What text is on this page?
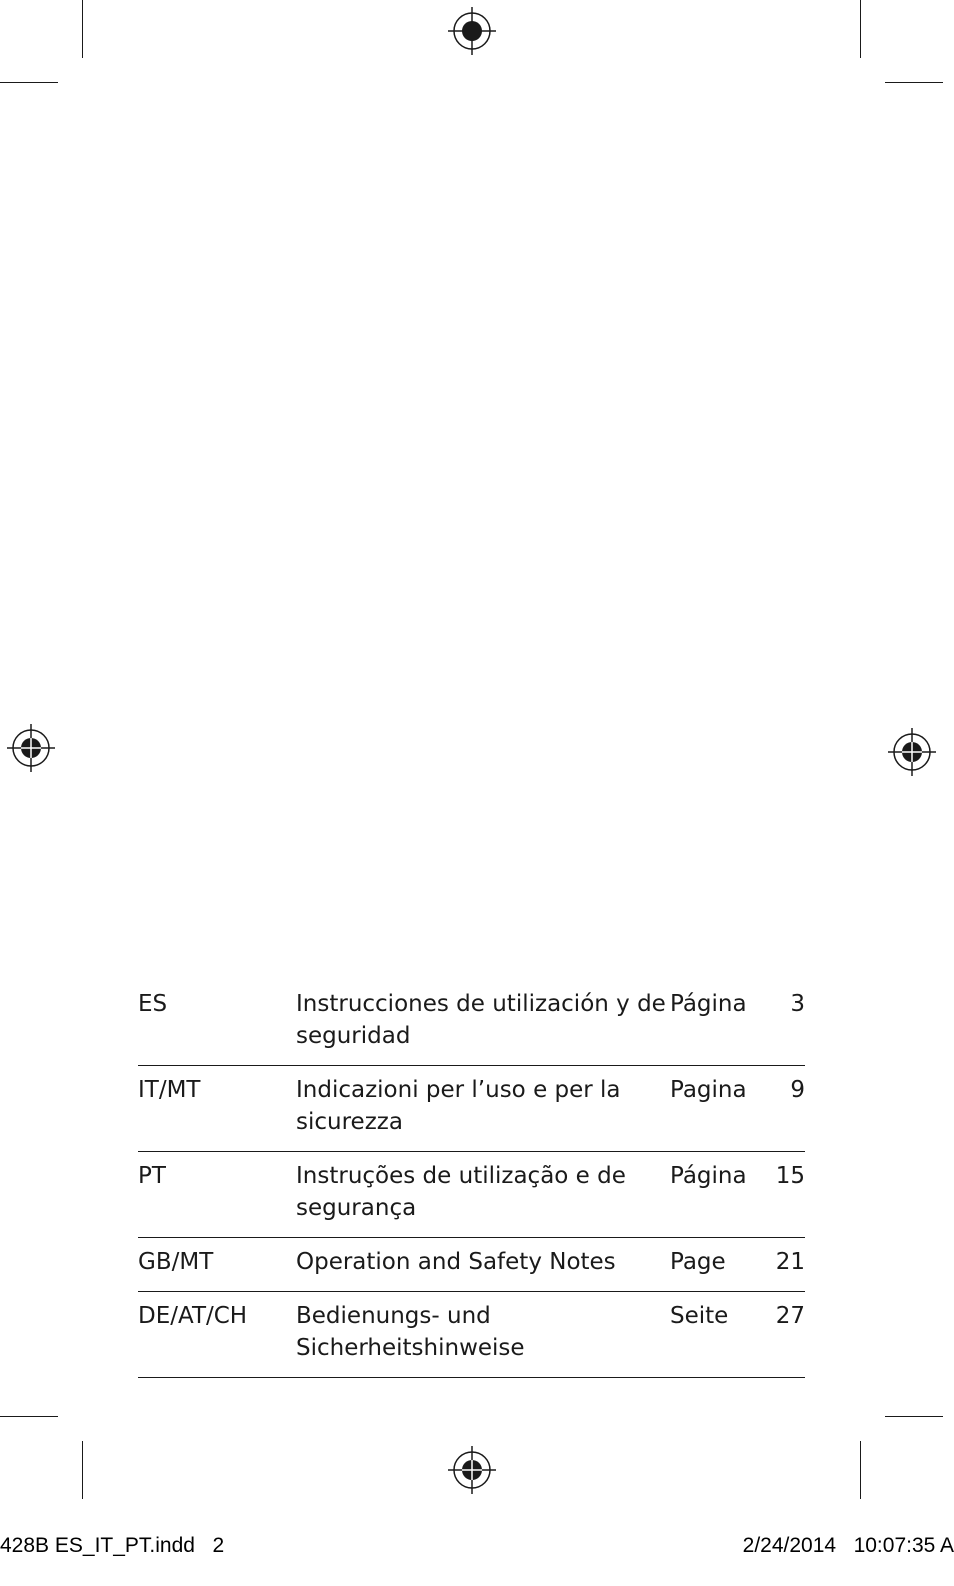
ES	Instrucciones de utilización y de seguridad	Página	3
IT/MT	Indicazioni per l’uso e per la sicurezza	Pagina	9
PT	Instruções de utilização e de segurança	Página	15
GB/MT	Operation and Safety Notes	Page	21
DE/AT/CH	Bedienungs- und Sicherheitshinweise	Seite	27
428B ES_IT_PT.indd   2	2/24/2014   10:07:35 A
